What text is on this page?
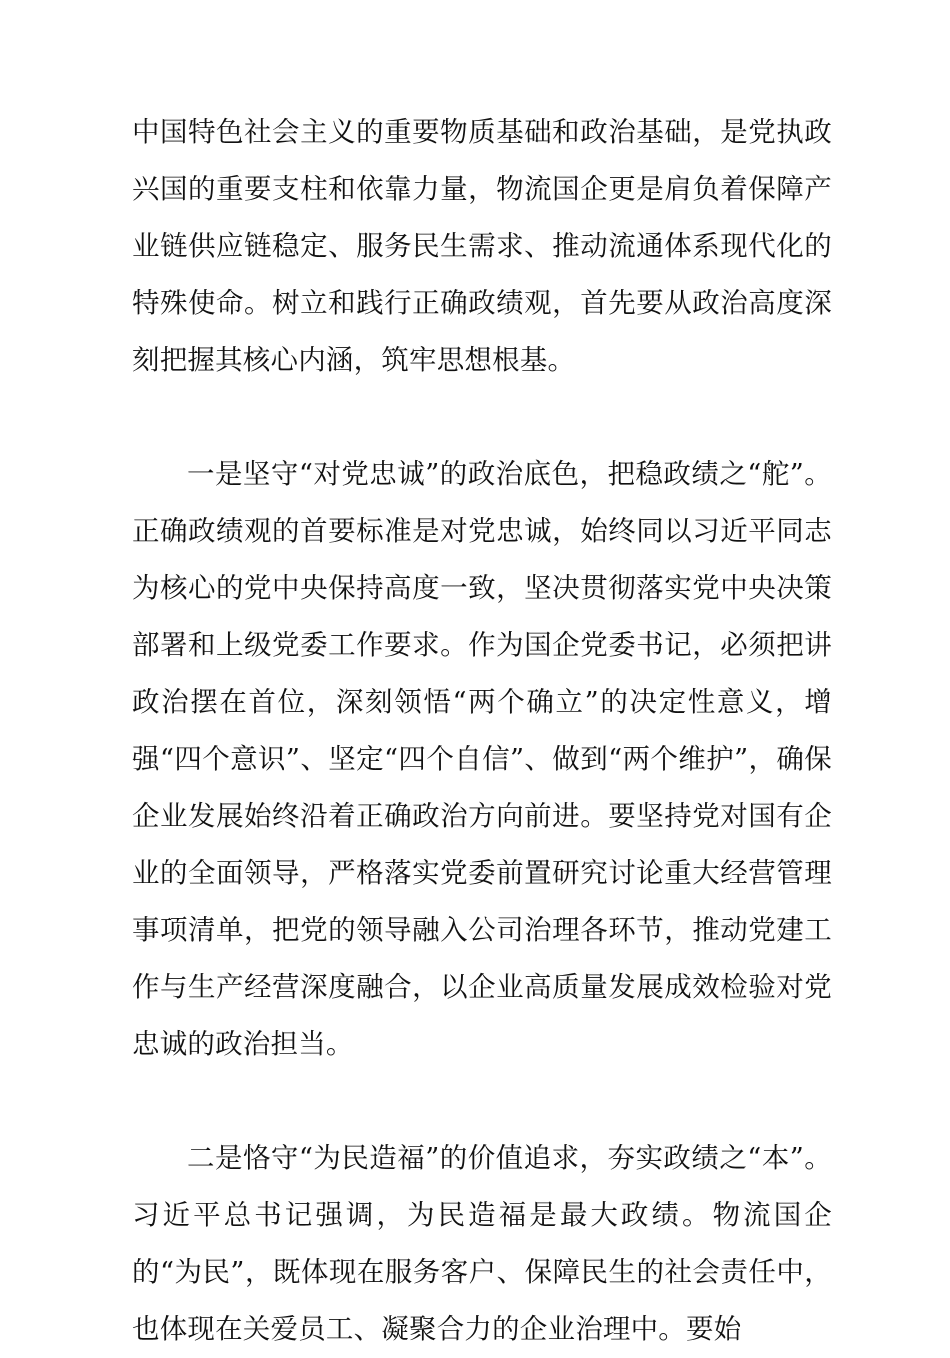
中国特色社会主义的重要物质基础和政治基础，是党执政兴国的重要支柱和依靠力量，物流国企更是肩负着保障产业链供应链稳定、服务民生需求、推动流通体系现代化的特殊使命。树立和践行正确政绩观，首先要从政治高度深刻把握其核心内涵，筑牢思想根基。

一是坚守“对党忠诚”的政治底色，把稳政绩之“舵”。正确政绩观的首要标准是对党忠诚，始终同以习近平同志为核心的党中央保持高度一致，坚决贯彻落实党中央决策部署和上级党委工作要求。作为国企党委书记，必须把讲政治摆在首位，深刻领悟“两个确立”的决定性意义，增强“四个意识”、坚定“四个自信”、做到“两个维护”，确保企业发展始终沿着正确政治方向前进。要坚持党对国有企业的全面领导，严格落实党委前置研究讨论重大经营管理事项清单，把党的领导融入公司治理各环节，推动党建工作与生产经营深度融合，以企业高质量发展成效检验对党忠诚的政治担当。

二是恪守“为民造福”的价值追求，夯实政绩之“本”。习近平总书记强调，为民造福是最大政绩。物流国企的“为民”，既体现在服务客户、保障民生的社会责任中，也体现在关爱员工、凝聚合力的企业治理中。要始
